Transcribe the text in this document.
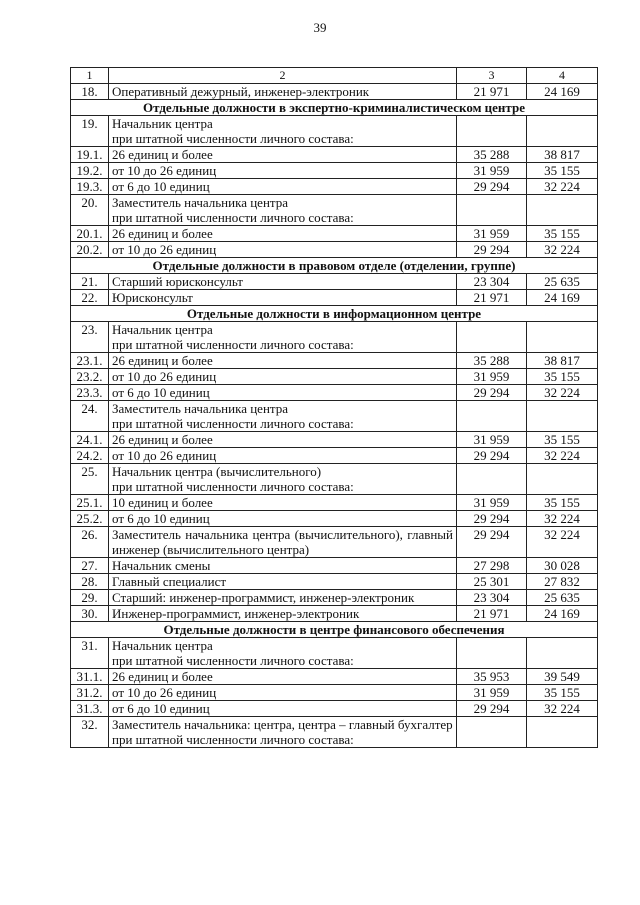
39
1	2	3	4
18.	Оперативный дежурный, инженер-электроник	21 971	24 169
Отдельные должности в экспертно-криминалистическом центре			
19.	Начальник центра
при штатной численности личного состава:		
19.1.	26 единиц и более	35 288	38 817
19.2.	от 10 до 26 единиц	31 959	35 155
19.3.	от 6 до 10 единиц	29 294	32 224
20.	Заместитель начальника центра
при штатной численности личного состава:		
20.1.	26 единиц и более	31 959	35 155
20.2.	от 10 до 26 единиц	29 294	32 224
Отдельные должности в правовом отделе (отделении, группе)			
21.	Старший юрисконсульт	23 304	25 635
22.	Юрисконсульт	21 971	24 169
Отдельные должности в информационном центре			
23.	Начальник центра
при штатной численности личного состава:		
23.1.	26 единиц и более	35 288	38 817
23.2.	от 10 до 26 единиц	31 959	35 155
23.3.	от 6 до 10 единиц	29 294	32 224
24.	Заместитель начальника центра
при штатной численности личного состава:		
24.1.	26 единиц и более	31 959	35 155
24.2.	от 10 до 26 единиц	29 294	32 224
25.	Начальник центра (вычислительного)
при штатной численности личного состава:		
25.1.	10 единиц и более	31 959	35 155
25.2.	от 6 до 10 единиц	29 294	32 224
26.	Заместитель начальника центра (вычислительного), главный инженер (вычислительного центра)	29 294	32 224
27.	Начальник смены	27 298	30 028
28.	Главный специалист	25 301	27 832
29.	Старший: инженер-программист, инженер-электроник	23 304	25 635
30.	Инженер-программист, инженер-электроник	21 971	24 169
Отдельные должности в центре финансового обеспечения			
31.	Начальник центра
при штатной численности личного состава:		
31.1.	26 единиц и более	35 953	39 549
31.2.	от 10 до 26 единиц	31 959	35 155
31.3.	от 6 до 10 единиц	29 294	32 224
32.	Заместитель начальника: центра, центра – главный бухгалтер
при штатной численности личного состава:		
